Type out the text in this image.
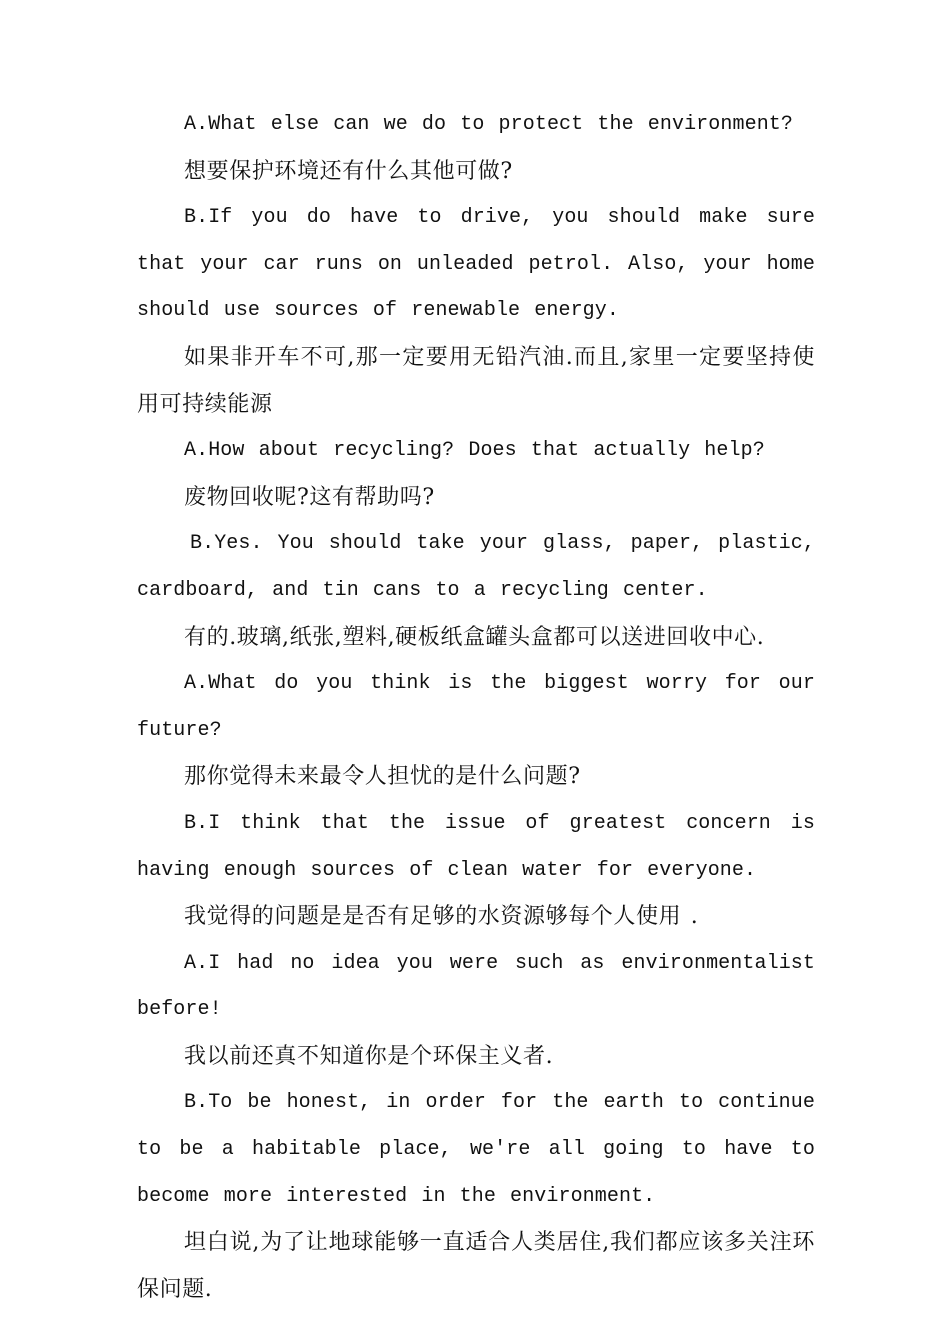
A.What else can we do to protect the environment?

想要保护环境还有什么其他可做?

B.If you do have to drive, you should make sure that your car runs on unleaded petrol. Also, your home should use sources of renewable energy.

如果非开车不可,那一定要用无铅汽油.而且,家里一定要坚持使用可持续能源

A.How about recycling? Does that actually help?

废物回收呢?这有帮助吗?

B.Yes. You should take your glass, paper, plastic, cardboard, and tin cans to a recycling center.

有的.玻璃,纸张,塑料,硬板纸盒罐头盒都可以送进回收中心.

A.What do you think is the biggest worry for our future?

那你觉得未来最令人担忧的是什么问题?

B.I think that the issue of greatest concern is having enough sources of clean water for everyone.

我觉得的问题是是否有足够的水资源够每个人使用 .

A.I had no idea you were such as environmentalist before!

我以前还真不知道你是个环保主义者.

B.To be honest, in order for the earth to continue to be a habitable place, we're all going to have to become more interested in the environment.

坦白说,为了让地球能够一直适合人类居住,我们都应该多关注环保问题.
